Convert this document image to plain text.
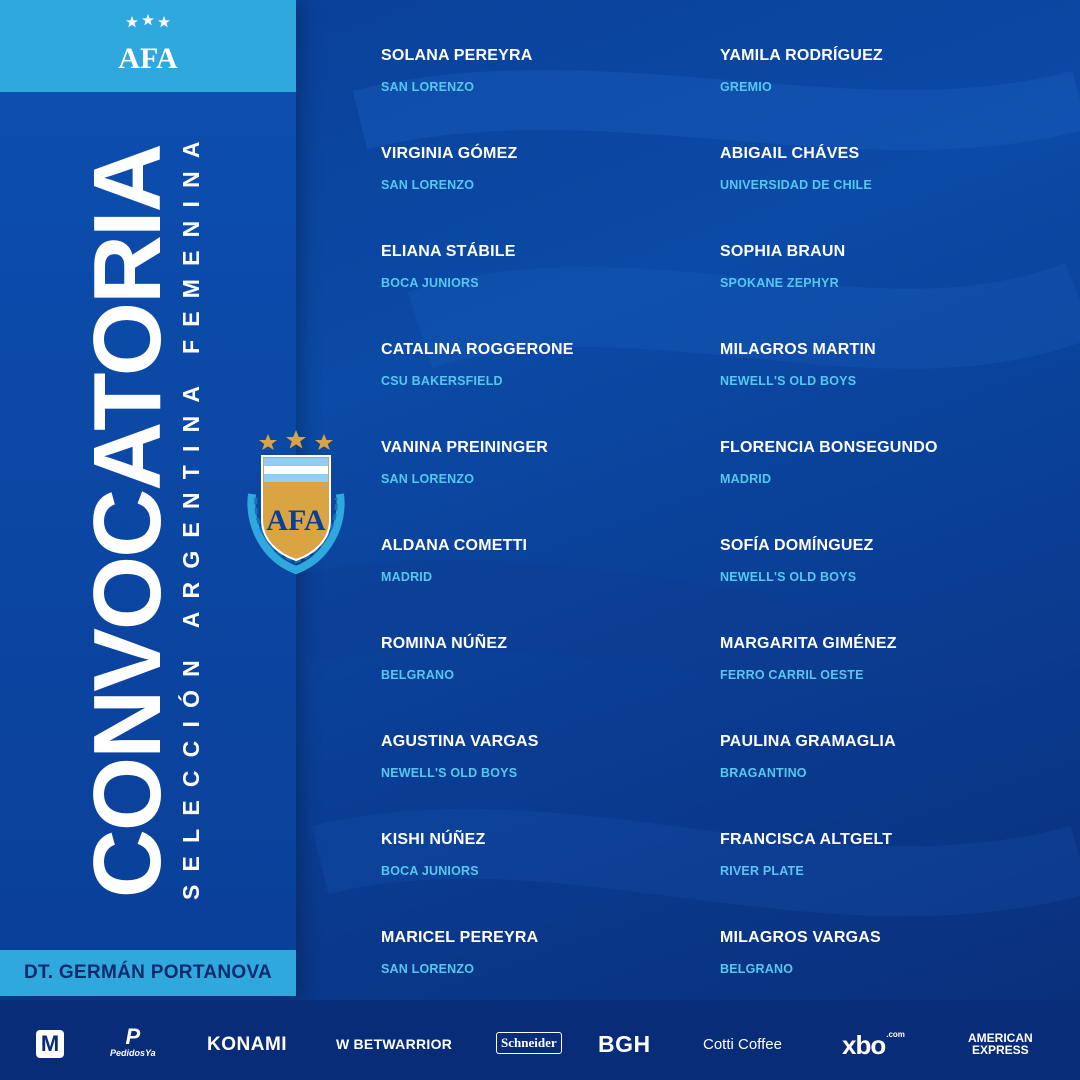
AFA
CONVOCATORIA
SELECCIÓN ARGENTINA FEMENINA
DT. GERMÁN PORTANOVA
AFA
SOLANA PEREYRA
SAN LORENZO
VIRGINIA GÓMEZ
SAN LORENZO
ELIANA STÁBILE
BOCA JUNIORS
CATALINA ROGGERONE
CSU BAKERSFIELD
VANINA PREININGER
SAN LORENZO
ALDANA COMETTI
MADRID
ROMINA NÚÑEZ
BELGRANO
AGUSTINA VARGAS
NEWELL'S OLD BOYS
KISHI NÚÑEZ
BOCA JUNIORS
MARICEL PEREYRA
SAN LORENZO
YAMILA RODRÍGUEZ
GREMIO
ABIGAIL CHÁVES
UNIVERSIDAD DE CHILE
SOPHIA BRAUN
SPOKANE ZEPHYR
MILAGROS MARTIN
NEWELL'S OLD BOYS
FLORENCIA BONSEGUNDO
MADRID
SOFÍA DOMÍNGUEZ
NEWELL'S OLD BOYS
MARGARITA GIMÉNEZ
FERRO CARRIL OESTE
PAULINA GRAMAGLIA
BRAGANTINO
FRANCISCA ALTGELT
RIVER PLATE
MILAGROS VARGAS
BELGRANO
M	P
PedidosYa	KONAMI	W BETWARRIOR	Schneider BGH	Cotti Coffee xbo$^{.com}$	AMERICAN
EXPRESS
